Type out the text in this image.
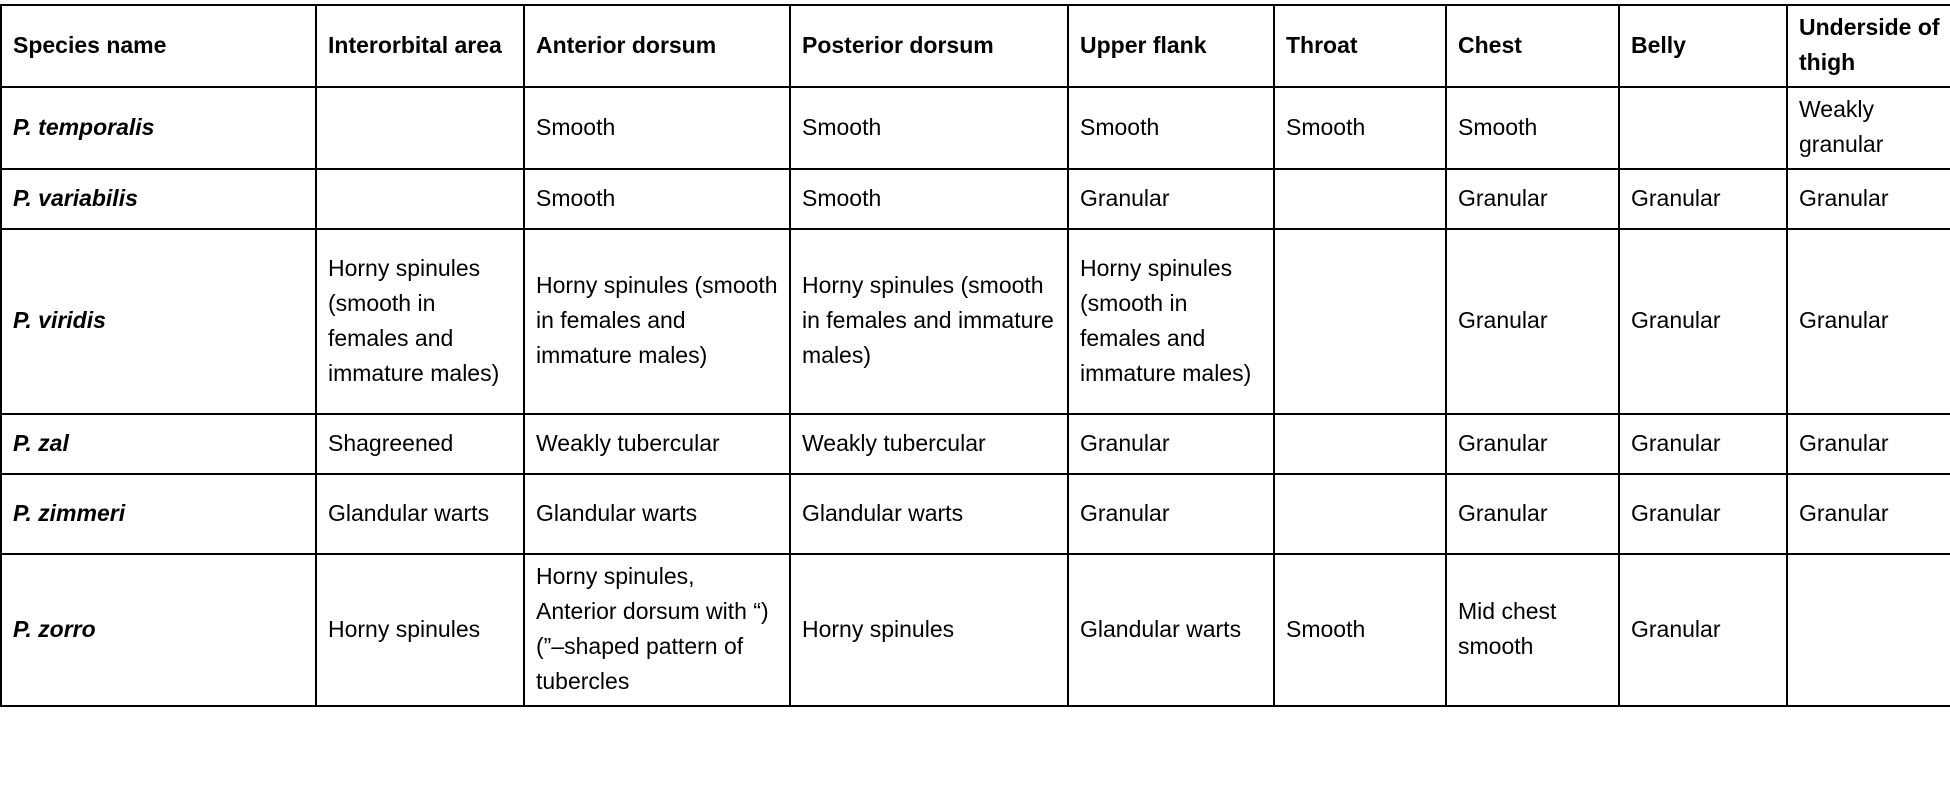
Species name	Interorbital area	Anterior dorsum	Posterior dorsum	Upper flank	Throat	Chest	Belly	Underside of thigh
P. temporalis		Smooth	Smooth	Smooth	Smooth	Smooth		Weakly granular
P. variabilis		Smooth	Smooth	Granular		Granular	Granular	Granular
P. viridis	Horny spinules (smooth in females and immature males)	Horny spinules (smooth in females and immature males)	Horny spinules (smooth in females and immature males)	Horny spinules (smooth in females and immature males)		Granular	Granular	Granular
P. zal	Shagreened	Weakly tubercular	Weakly tubercular	Granular		Granular	Granular	Granular
P. zimmeri	Glandular warts	Glandular warts	Glandular warts	Granular		Granular	Granular	Granular
P. zorro	Horny spinules	Horny spinules, Anterior dorsum with “)(”–shaped pattern of tubercles	Horny spinules	Glandular warts	Smooth	Mid chest smooth	Granular	
